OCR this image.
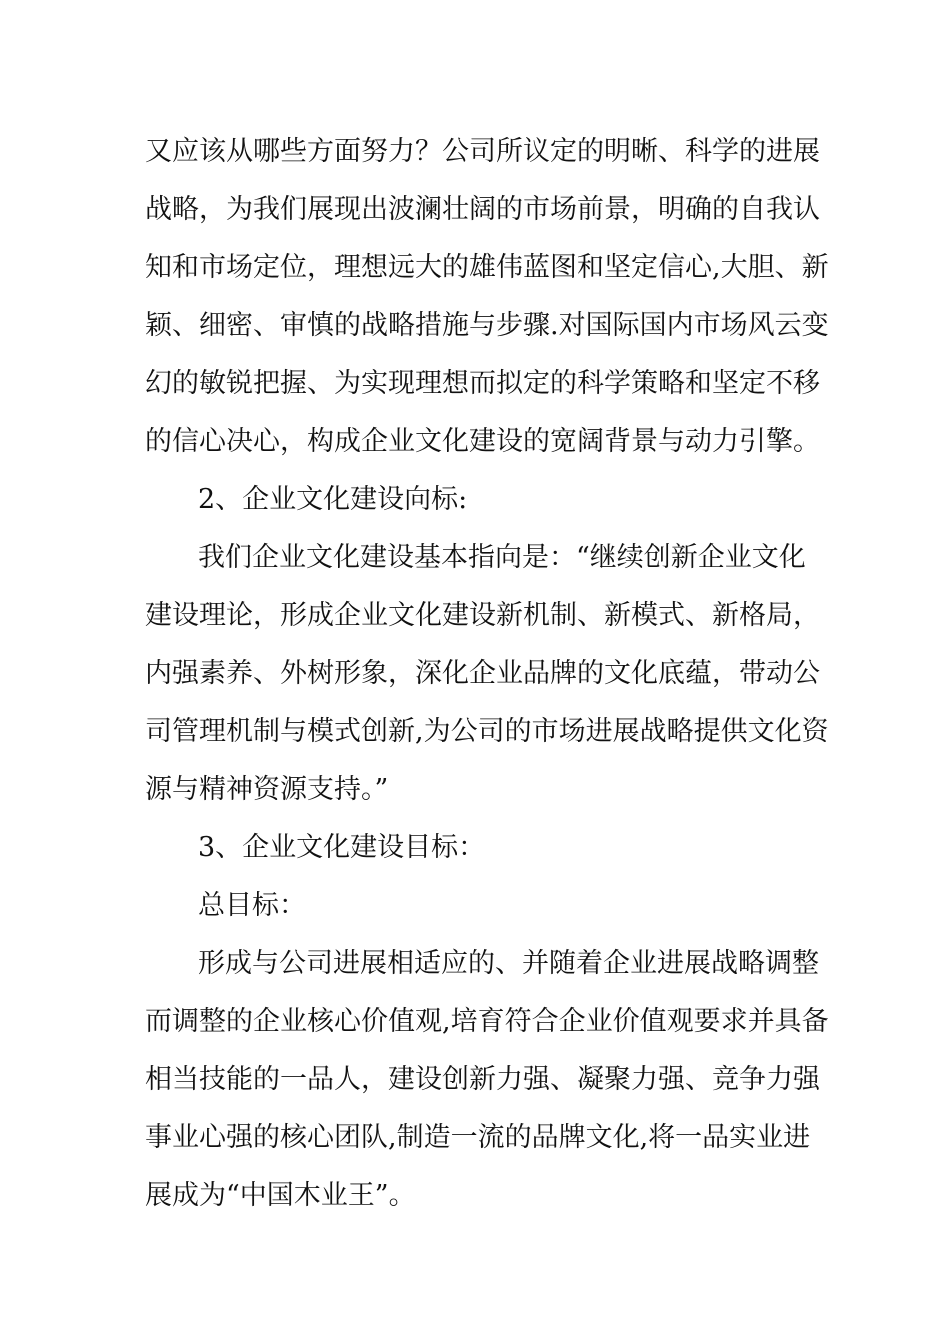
又应该从哪些方面努力？公司所议定的明晰、科学的进展
战略，为我们展现出波澜壮阔的市场前景，明确的自我认
知和市场定位，理想远大的雄伟蓝图和坚定信心,大胆、新
颖、细密、审慎的战略措施与步骤.对国际国内市场风云变
幻的敏锐把握、为实现理想而拟定的科学策略和坚定不移
的信心决心，构成企业文化建设的宽阔背景与动力引擎。
2、企业文化建设向标:
我们企业文化建设基本指向是：“继续创新企业文化
建设理论，形成企业文化建设新机制、新模式、新格局，
内强素养、外树形象，深化企业品牌的文化底蕴，带动公
司管理机制与模式创新,为公司的市场进展战略提供文化资
源与精神资源支持。”
3、企业文化建设目标：
总目标：
形成与公司进展相适应的、并随着企业进展战略调整
而调整的企业核心价值观,培育符合企业价值观要求并具备
相当技能的一品人，建设创新力强、凝聚力强、竞争力强
事业心强的核心团队,制造一流的品牌文化,将一品实业进
展成为“中国木业王”。
